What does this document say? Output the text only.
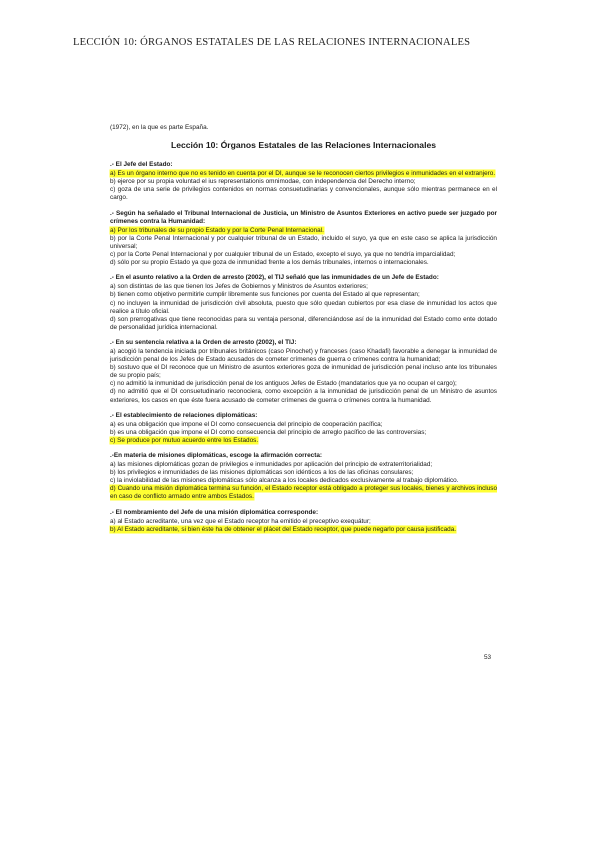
LECCIÓN 10: ÓRGANOS ESTATALES DE LAS RELACIONES INTERNACIONALES

(1972), en la que es parte España.

Lección 10: Órganos Estatales de las Relaciones Internacionales

.- El Jefe del Estado:

a) Es un órgano interno que no es tenido en cuenta por el DI, aunque se le reconocen ciertos privilegios e inmunidades en el extranjero.

b) ejerce por su propia voluntad el ius representationis omnimodae, con independencia del Derecho interno;

c) goza de una serie de privilegios contenidos en normas consuetudinarias y convencionales, aunque sólo mientras permanece en el cargo.

.- Según ha señalado el Tribunal Internacional de Justicia, un Ministro de Asuntos Exteriores en activo puede ser juzgado por crímenes contra la Humanidad:

a) Por los tribunales de su propio Estado y por la Corte Penal Internacional.

b) por la Corte Penal Internacional y por cualquier tribunal de un Estado, incluido el suyo, ya que en este caso se aplica la jurisdicción universal;

c) por la Corte Penal Internacional y por cualquier tribunal de un Estado, excepto el suyo, ya que no tendría imparcialidad;

d) sólo por su propio Estado ya que goza de inmunidad frente a los demás tribunales, internos o internacionales.

.- En el asunto relativo a la Orden de arresto (2002), el TIJ señaló que las inmunidades de un Jefe de Estado:

a) son distintas de las que tienen los Jefes de Gobiernos y Ministros de Asuntos exteriores;

b) tienen como objetivo permitirle cumplir libremente sus funciones por cuenta del Estado al que representan;

c) no incluyen la inmunidad de jurisdicción civil absoluta, puesto que sólo quedan cubiertos por esa clase de inmunidad los actos que realice a título oficial.

d) son prerrogativas que tiene reconocidas para su ventaja personal, diferenciándose así de la inmunidad del Estado como ente dotado de personalidad jurídica internacional.

.- En su sentencia relativa a la Orden de arresto (2002), el TIJ:

a) acogió la tendencia iniciada por tribunales británicos (caso Pinochet) y franceses (caso Khadafi) favorable a denegar la inmunidad de jurisdicción penal de los Jefes de Estado acusados de cometer crímenes de guerra o crímenes contra la humanidad;

b) sostuvo que el DI reconoce que un Ministro de asuntos exteriores goza de inmunidad de jurisdicción penal incluso ante los tribunales de su propio país;

c) no admitió la inmunidad de jurisdicción penal de los antiguos Jefes de Estado (mandatarios que ya no ocupan el cargo);

d) no admitió que el DI consuetudinario reconociera, como excepción a la inmunidad de jurisdicción penal de un Ministro de asuntos exteriores, los casos en que éste fuera acusado de cometer crímenes de guerra o crímenes contra la humanidad.

.- El establecimiento de relaciones diplomáticas:

a) es una obligación que impone el DI como consecuencia del principio de cooperación pacífica;

b) es una obligación que impone el DI como consecuencia del principio de arreglo pacífico de las controversias;

c) Se produce por mutuo acuerdo entre los Estados.

.-En materia de misiones diplomáticas, escoge la afirmación correcta:

a) las misiones diplomáticas gozan de privilegios e inmunidades por aplicación del principio de extraterritorialidad;

b) los privilegios e inmunidades de las misiones diplomáticas son idénticos a los de las oficinas consulares;

c) la inviolabilidad de las misiones diplomáticas sólo alcanza a los locales dedicados exclusivamente al trabajo diplomático.

d) Cuando una misión diplomática termina su función, el Estado receptor está obligado a proteger sus locales, bienes y archivos incluso en caso de conflicto armado entre ambos Estados.

.- El nombramiento del Jefe de una misión diplomática corresponde:

a) al Estado acreditante, una vez que el Estado receptor ha emitido el preceptivo exequátur;

b) Al Estado acreditante, si bien éste ha de obtener el plácet del Estado receptor, que puede negarlo por causa justificada.

53
